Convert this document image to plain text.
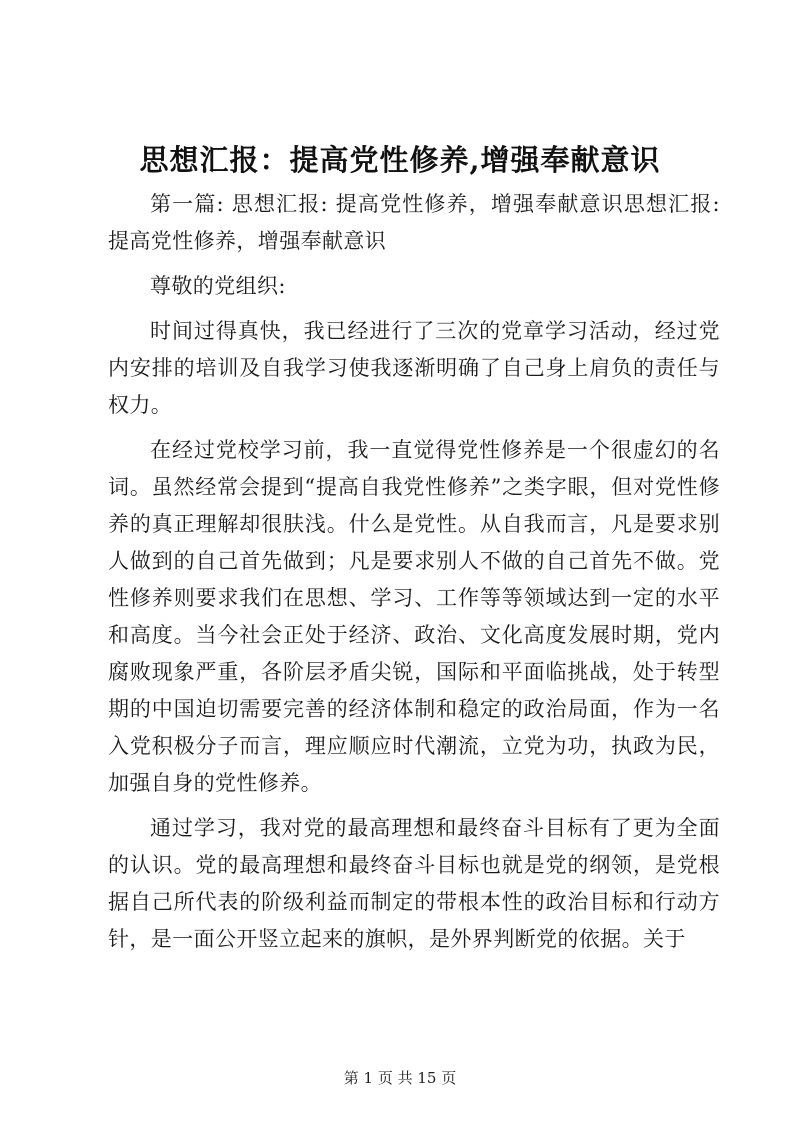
思想汇报：提高党性修养,增强奉献意识

第一篇: 思想汇报: 提高党性修养，增强奉献意识思想汇报: 提高党性修养，增强奉献意识

尊敬的党组织:

时间过得真快，我已经进行了三次的党章学习活动，经过党内安排的培训及自我学习使我逐渐明确了自己身上肩负的责任与权力。

在经过党校学习前，我一直觉得党性修养是一个很虚幻的名词。虽然经常会提到“提高自我党性修养”之类字眼，但对党性修养的真正理解却很肤浅。什么是党性。从自我而言，凡是要求别人做到的自己首先做到；凡是要求别人不做的自己首先不做。党性修养则要求我们在思想、学习、工作等等领域达到一定的水平和高度。当今社会正处于经济、政治、文化高度发展时期，党内腐败现象严重，各阶层矛盾尖锐，国际和平面临挑战，处于转型期的中国迫切需要完善的经济体制和稳定的政治局面，作为一名入党积极分子而言，理应顺应时代潮流，立党为功，执政为民，加强自身的党性修养。

通过学习，我对党的最高理想和最终奋斗目标有了更为全面的认识。党的最高理想和最终奋斗目标也就是党的纲领，是党根据自己所代表的阶级利益而制定的带根本性的政治目标和行动方针，是一面公开竖立起来的旗帜，是外界判断党的依据。关于

第 1 页 共 15 页
